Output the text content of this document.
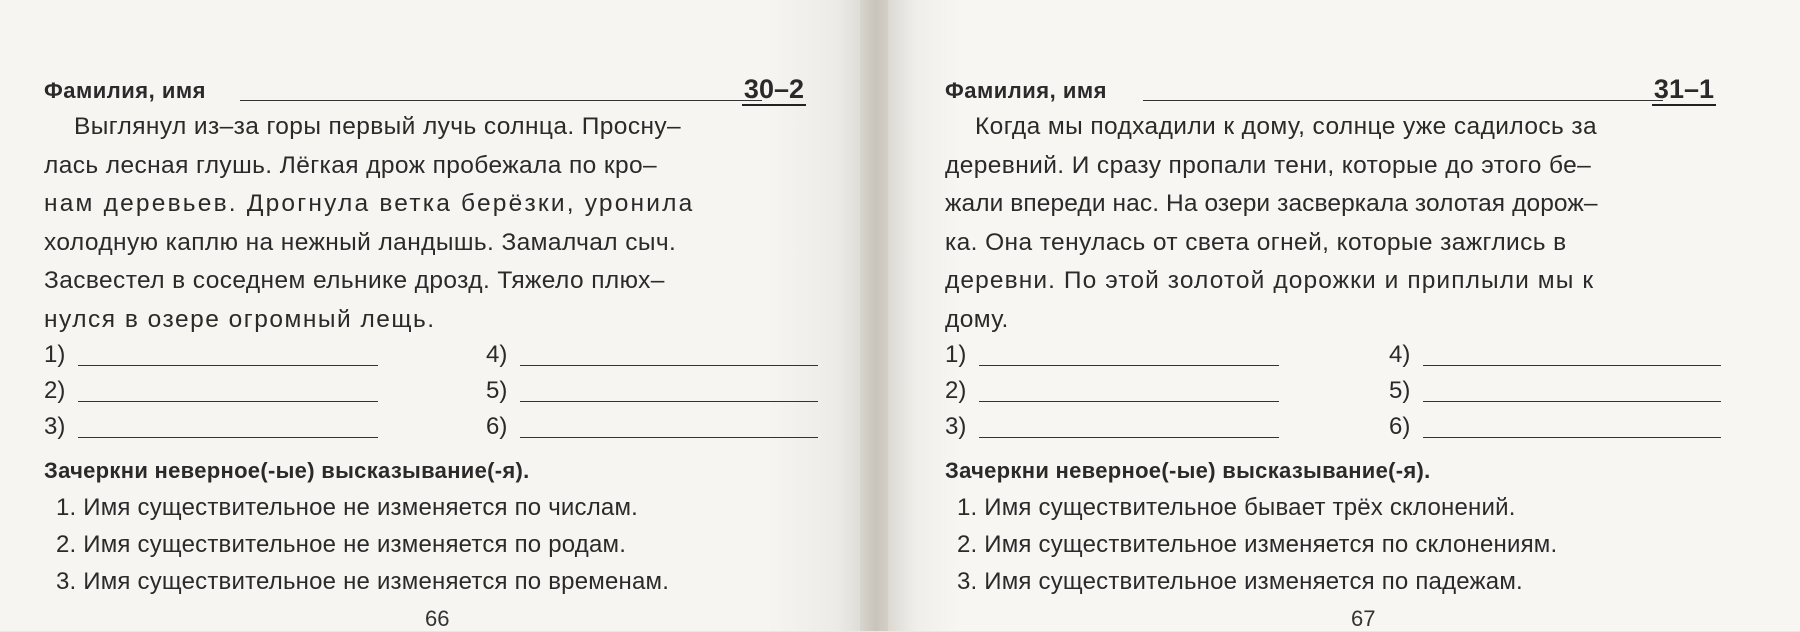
Фамилия, имя	30–2
Выглянул из–за горы первый лучь солнца. Просну–
лась лесная глушь. Лёгкая дрож пробежала по кро–
нам деревьев. Дрогнула ветка берёзки, уронила
холодную каплю на нежный ландышь. Замалчал сыч.
Засвестел в соседнем ельнике дрозд. Тяжело плюх–
нулся в озере огромный лещь.
1)
2)
3)
4)
5)
6)
Зачеркни неверное(-ые) высказывание(-я).
1. Имя существительное не изменяется по числам.
2. Имя существительное не изменяется по родам.
3. Имя существительное не изменяется по временам.
66
Фамилия, имя	31–1
Когда мы подхадили к дому, солнце уже садилось за
деревний. И сразу пропали тени, которые до этого бе–
жали впереди нас. На озери засверкала золотая дорож–
ка. Она тенулась от света огней, которые зажглись в
деревни. По этой золотой дорожки и приплыли мы к
дому.
1)
2)
3)
4)
5)
6)
Зачеркни неверное(-ые) высказывание(-я).
1. Имя существительное бывает трёх склонений.
2. Имя существительное изменяется по склонениям.
3. Имя существительное изменяется по падежам.
67
